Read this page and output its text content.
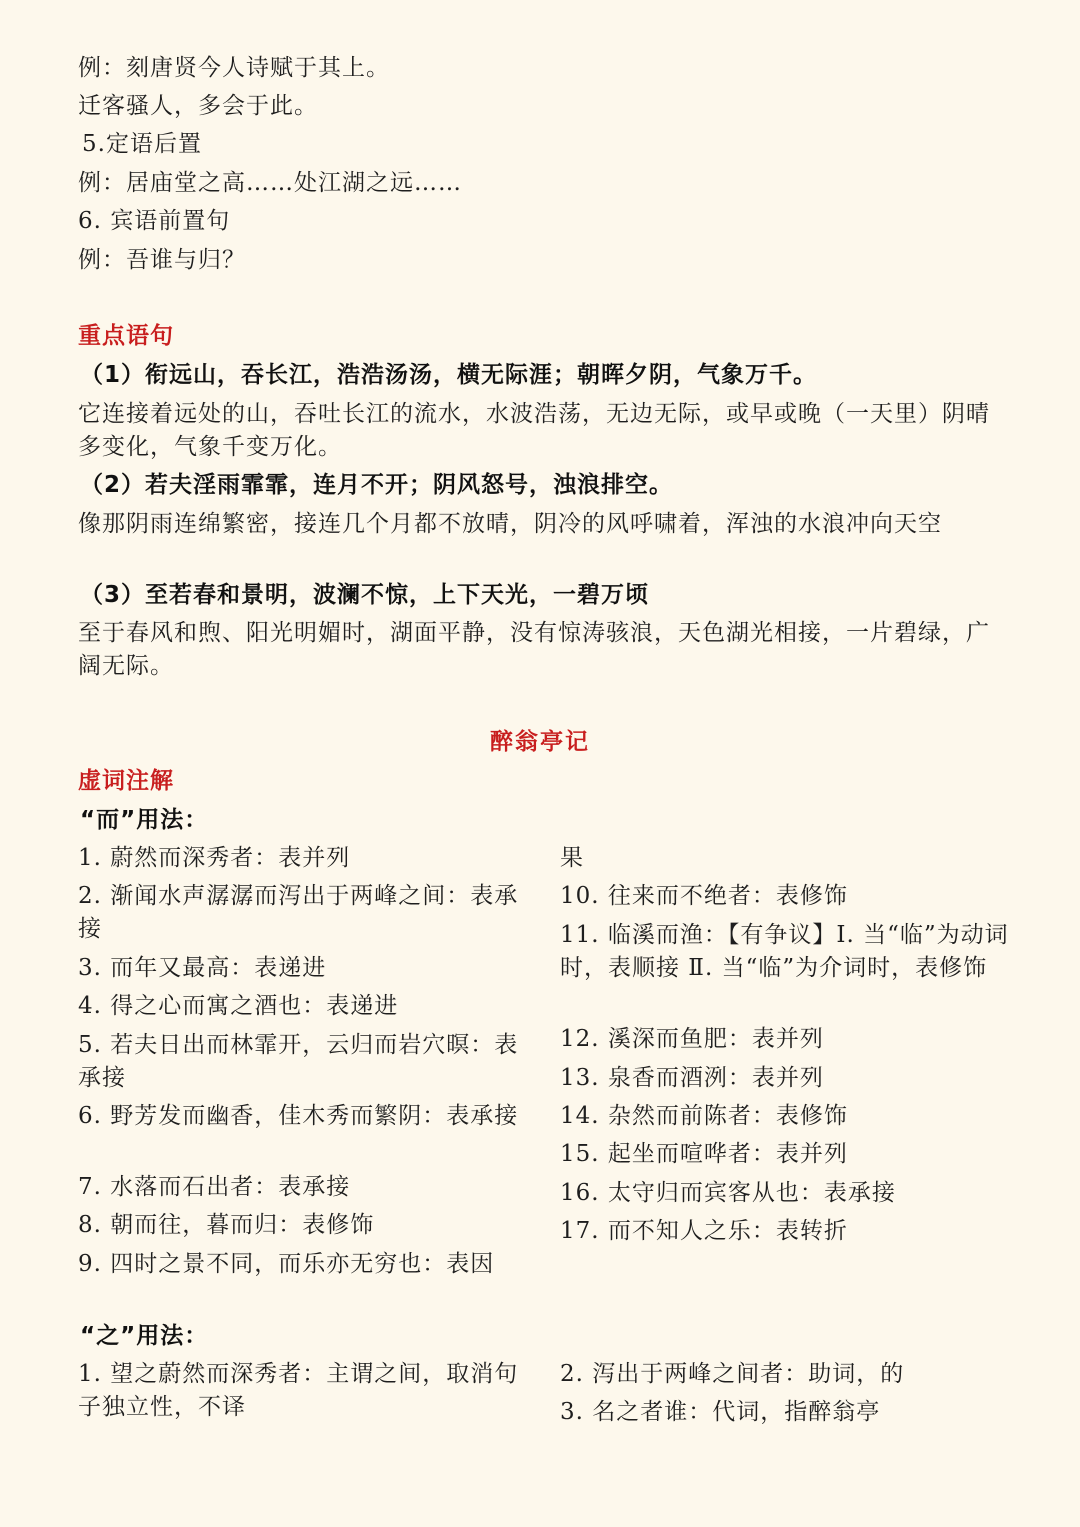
例：刻唐贤今人诗赋于其上。
迁客骚人，多会于此。
5.定语后置
例：居庙堂之高……处江湖之远……
6. 宾语前置句
例：吾谁与归？
重点语句
（1）衔远山，吞长江，浩浩汤汤，横无际涯；朝晖夕阴，气象万千。
它连接着远处的山，吞吐长江的流水，水波浩荡，无边无际，或早或晚（一天里）阴晴多变化，气象千变万化。
（2）若夫淫雨霏霏，连月不开；阴风怒号，浊浪排空。
像那阴雨连绵繁密，接连几个月都不放晴，阴冷的风呼啸着，浑浊的水浪冲向天空
（3）至若春和景明，波澜不惊，上下天光，一碧万顷
至于春风和煦、阳光明媚时，湖面平静，没有惊涛骇浪，天色湖光相接，一片碧绿，广阔无际。
醉翁亭记
虚词注解
“而”用法：
1. 蔚然而深秀者：表并列
2. 渐闻水声潺潺而泻出于两峰之间：表承接
3. 而年又最高：表递进
4. 得之心而寓之酒也：表递进
5. 若夫日出而林霏开，云归而岩穴暝：表承接
6. 野芳发而幽香，佳木秀而繁阴：表承接
7. 水落而石出者：表承接
8. 朝而往，暮而归：表修饰
9. 四时之景不同，而乐亦无穷也：表因
果
10. 往来而不绝者：表修饰
11. 临溪而渔：【有争议】Ⅰ. 当“临”为动词时，表顺接 Ⅱ. 当“临”为介词时，表修饰
12. 溪深而鱼肥：表并列
13. 泉香而酒洌：表并列
14. 杂然而前陈者：表修饰
15. 起坐而喧哗者：表并列
16. 太守归而宾客从也：表承接
17. 而不知人之乐：表转折
“之”用法：
1. 望之蔚然而深秀者：主谓之间，取消句子独立性，不译
2. 泻出于两峰之间者：助词，的
3. 名之者谁：代词，指醉翁亭
